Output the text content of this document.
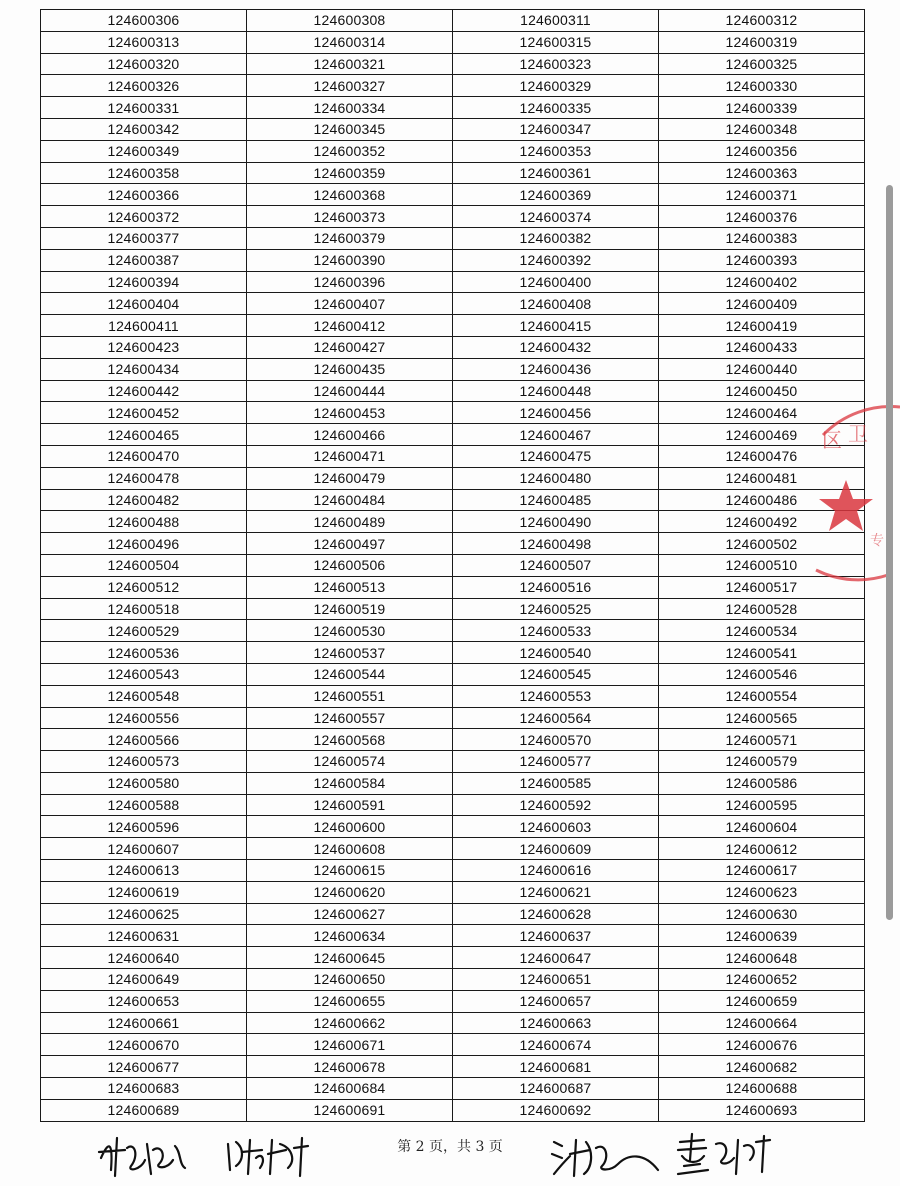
124600306	124600308	124600311	124600312
124600313	124600314	124600315	124600319
124600320	124600321	124600323	124600325
124600326	124600327	124600329	124600330
124600331	124600334	124600335	124600339
124600342	124600345	124600347	124600348
124600349	124600352	124600353	124600356
124600358	124600359	124600361	124600363
124600366	124600368	124600369	124600371
124600372	124600373	124600374	124600376
124600377	124600379	124600382	124600383
124600387	124600390	124600392	124600393
124600394	124600396	124600400	124600402
124600404	124600407	124600408	124600409
124600411	124600412	124600415	124600419
124600423	124600427	124600432	124600433
124600434	124600435	124600436	124600440
124600442	124600444	124600448	124600450
124600452	124600453	124600456	124600464
124600465	124600466	124600467	124600469
124600470	124600471	124600475	124600476
124600478	124600479	124600480	124600481
124600482	124600484	124600485	124600486
124600488	124600489	124600490	124600492
124600496	124600497	124600498	124600502
124600504	124600506	124600507	124600510
124600512	124600513	124600516	124600517
124600518	124600519	124600525	124600528
124600529	124600530	124600533	124600534
124600536	124600537	124600540	124600541
124600543	124600544	124600545	124600546
124600548	124600551	124600553	124600554
124600556	124600557	124600564	124600565
124600566	124600568	124600570	124600571
124600573	124600574	124600577	124600579
124600580	124600584	124600585	124600586
124600588	124600591	124600592	124600595
124600596	124600600	124600603	124600604
124600607	124600608	124600609	124600612
124600613	124600615	124600616	124600617
124600619	124600620	124600621	124600623
124600625	124600627	124600628	124600630
124600631	124600634	124600637	124600639
124600640	124600645	124600647	124600648
124600649	124600650	124600651	124600652
124600653	124600655	124600657	124600659
124600661	124600662	124600663	124600664
124600670	124600671	124600674	124600676
124600677	124600678	124600681	124600682
124600683	124600684	124600687	124600688
124600689	124600691	124600692	124600693
区 卫
专
第 2 页，共 3 页
